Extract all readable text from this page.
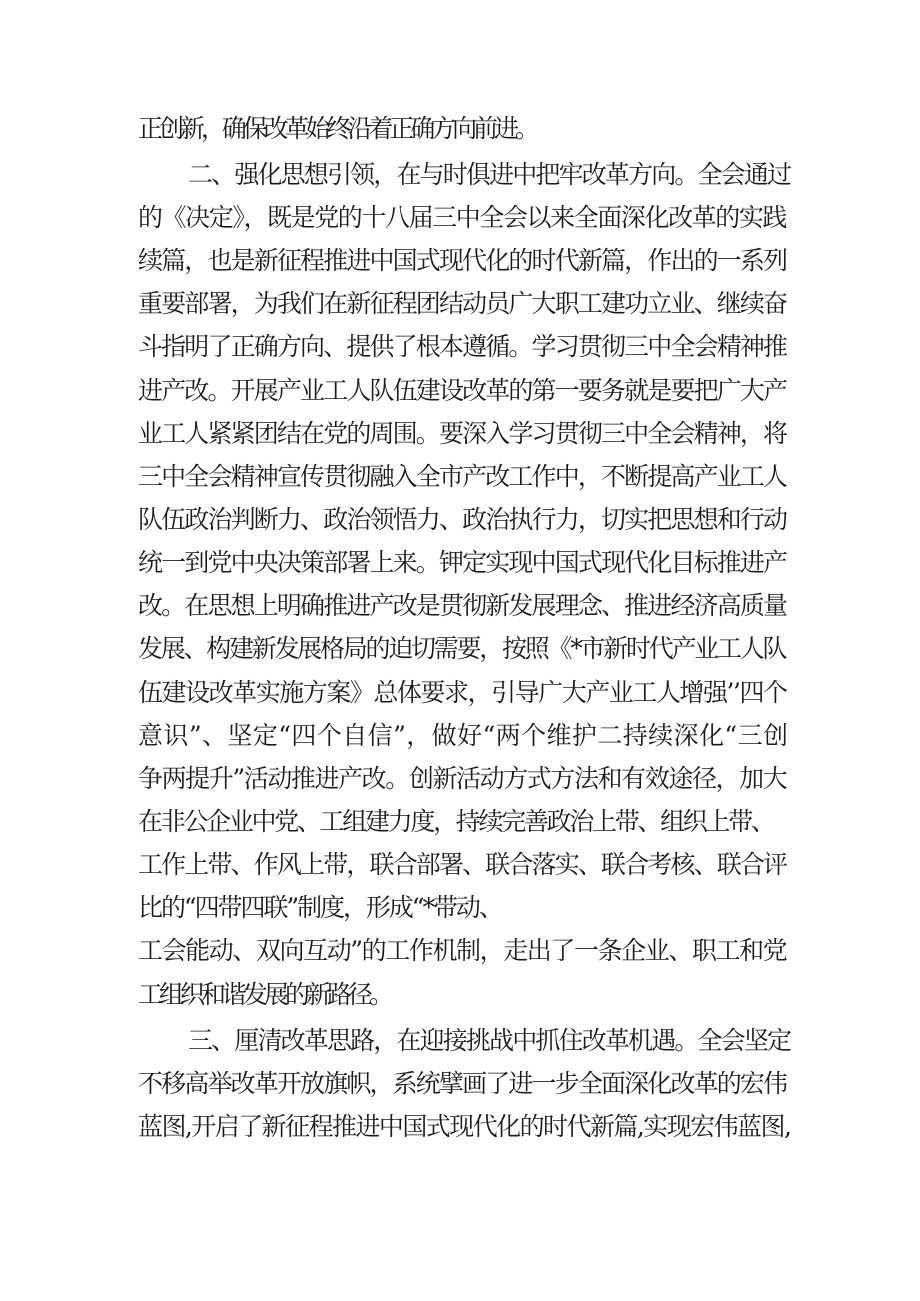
正创新，确保改革始终沿着正确方向前进。

二、强化思想引领，在与时俱进中把牢改革方向。全会通过

的《决定》，既是党的十八届三中全会以来全面深化改革的实践

续篇，也是新征程推进中国式现代化的时代新篇，作出的一系列

重要部署，为我们在新征程团结动员广大职工建功立业、继续奋

斗指明了正确方向、提供了根本遵循。学习贯彻三中全会精神推

进产改。开展产业工人队伍建设改革的第一要务就是要把广大产

业工人紧紧团结在党的周围。要深入学习贯彻三中全会精神，将

三中全会精神宣传贯彻融入全市产改工作中，不断提高产业工人

队伍政治判断力、政治领悟力、政治执行力，切实把思想和行动

统一到党中央决策部署上来。钾定实现中国式现代化目标推进产

改。在思想上明确推进产改是贯彻新发展理念、推进经济高质量

发展、构建新发展格局的迫切需要，按照《*市新时代产业工人队

伍建设改革实施方案》总体要求，引导广大产业工人增强’’四个

意识”、坚定“四个自信”，做好“两个维护二持续深化“三创

争两提升”活动推进产改。创新活动方式方法和有效途径，加大

在非公企业中党、工组建力度，持续完善政治上带、组织上带、

工作上带、作风上带，联合部署、联合落实、联合考核、联合评

比的“四带四联”制度，形成“*带动、

工会能动、双向互动”的工作机制，走出了一条企业、职工和党

工组织和谐发展的新路径。

三、厘清改革思路，在迎接挑战中抓住改革机遇。全会坚定

不移高举改革开放旗帜，系统擘画了进一步全面深化改革的宏伟

蓝图,开启了新征程推进中国式现代化的时代新篇,实现宏伟蓝图,
